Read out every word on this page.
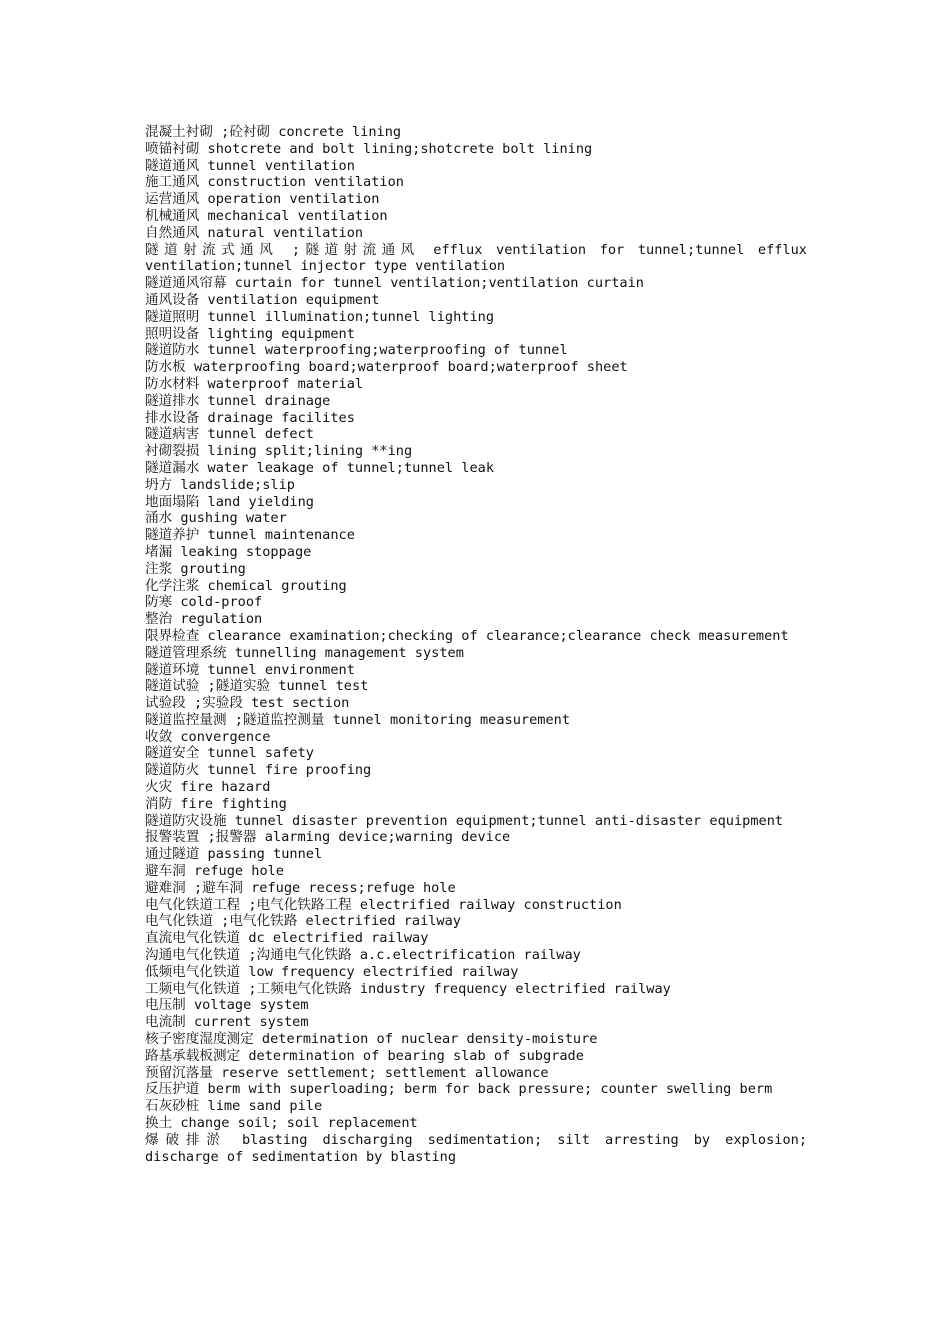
混凝土衬砌 ;砼衬砌 concrete lining
喷锚衬砌 shotcrete and bolt lining;shotcrete bolt lining
隧道通风 tunnel ventilation
施工通风 construction ventilation
运营通风 operation ventilation
机械通风 mechanical ventilation
自然通风 natural ventilation
隧道射流式通风 ;隧道射流通风 efflux ventilation for tunnel;tunnel efflux ventilation;tunnel injector type ventilation
隧道通风帘幕 curtain for tunnel ventilation;ventilation curtain
通风设备 ventilation equipment
隧道照明 tunnel illumination;tunnel lighting
照明设备 lighting equipment
隧道防水 tunnel waterproofing;waterproofing of tunnel
防水板 waterproofing board;waterproof board;waterproof sheet
防水材料 waterproof material
隧道排水 tunnel drainage
排水设备 drainage facilites
隧道病害 tunnel defect
衬砌裂损 lining split;lining **ing
隧道漏水 water leakage of tunnel;tunnel leak
坍方 landslide;slip
地面塌陷 land yielding
涌水 gushing water
隧道养护 tunnel maintenance
堵漏 leaking stoppage
注浆 grouting
化学注浆 chemical grouting
防寒 cold-proof
整治 regulation
限界检查 clearance examination;checking of clearance;clearance check measurement
隧道管理系统 tunnelling management system
隧道环境 tunnel environment
隧道试验 ;隧道实验 tunnel test
试验段 ;实验段 test section
隧道监控量测 ;隧道监控测量 tunnel monitoring measurement
收敛 convergence
隧道安全 tunnel safety
隧道防火 tunnel fire proofing
火灾 fire hazard
消防 fire fighting
隧道防灾设施 tunnel disaster prevention equipment;tunnel anti-disaster equipment
报警装置 ;报警器 alarming device;warning device
通过隧道 passing tunnel
避车洞 refuge hole
避难洞 ;避车洞 refuge recess;refuge hole
电气化铁道工程 ;电气化铁路工程 electrified railway construction
电气化铁道 ;电气化铁路 electrified railway
直流电气化铁道 dc electrified railway
沟通电气化铁道 ;沟通电气化铁路 a.c.electrification railway
低频电气化铁道 low frequency electrified railway
工频电气化铁道 ;工频电气化铁路 industry frequency electrified railway
电压制 voltage system
电流制 current system
核子密度湿度测定 determination of nuclear density-moisture
路基承载板测定 determination of bearing slab of subgrade
预留沉落量 reserve settlement; settlement allowance
反压护道 berm with superloading; berm for back pressure; counter swelling berm
石灰砂桩 lime sand pile
换土 change soil; soil replacement
爆破排淤 blasting discharging sedimentation; silt arresting by explosion; discharge of sedimentation by blasting
